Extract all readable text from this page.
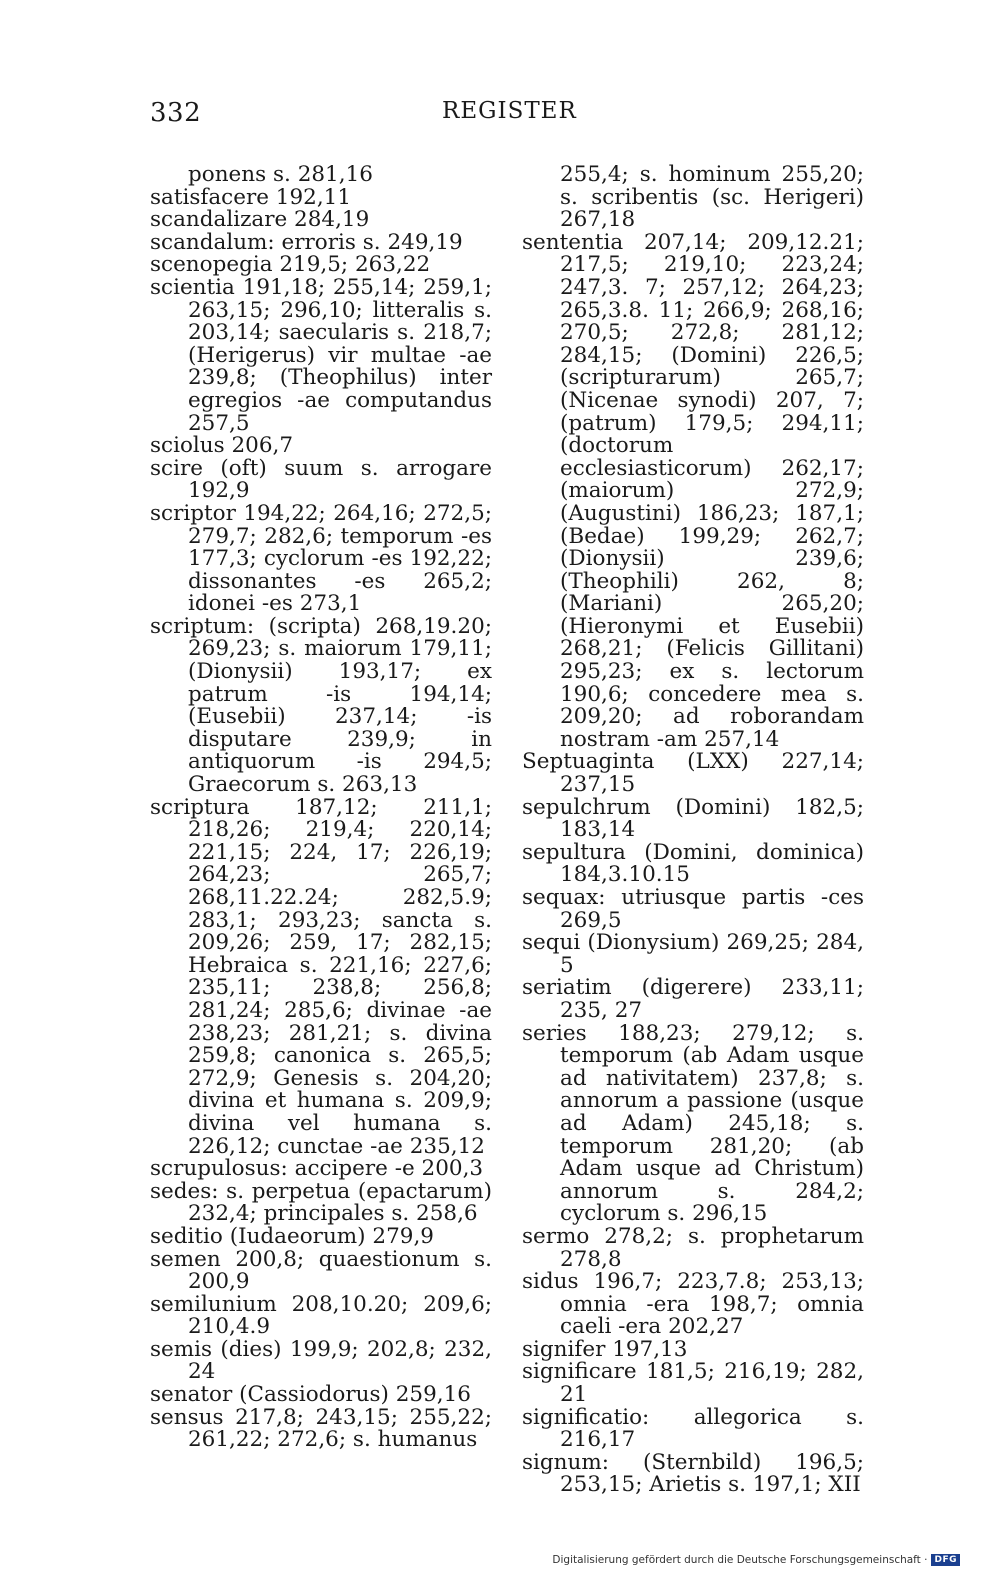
332	REGISTER

ponens s. 281,16

satisfacere 192,11

scandalizare 284,19

scandalum: erroris s. 249,19

scenopegia 219,5; 263,22

scientia 191,18; 255,14; 259,1; 263,15; 296,10; litteralis s. 203,14; saecularis s. 218,7; (Herigerus) vir multae -ae 239,8; (Theophilus) inter egregios -ae computandus 257,5

sciolus 206,7

scire (oft) suum s. arrogare 192,9

scriptor 194,22; 264,16; 272,5; 279,7; 282,6; temporum -es 177,3; cyclorum -es 192,22; dissonantes -es 265,2; idonei -es 273,1

scriptum: (scripta) 268,19.20; 269,23; s. maiorum 179,11; (Dionysii) 193,17; ex patrum -is 194,14; (Eusebii) 237,14; -is disputare 239,9; in antiquorum -is 294,5; Graecorum s. 263,13

scriptura 187,12; 211,1; 218,26; 219,4; 220,14; 221,15; 224, 17; 226,19; 264,23; 265,7; 268,11.22.24; 282,5.9; 283,1; 293,23; sancta s. 209,26; 259, 17; 282,15; Hebraica s. 221,16; 227,6; 235,11; 238,8; 256,8; 281,24; 285,6; divinae -ae 238,23; 281,21; s. divina 259,8; canonica s. 265,5; 272,9; Genesis s. 204,20; divina et humana s. 209,9; divina vel humana s. 226,12; cunctae -ae 235,12

scrupulosus: accipere -e 200,3

sedes: s. perpetua (epactarum) 232,4; principales s. 258,6

seditio (Iudaeorum) 279,9

semen 200,8; quaestionum s. 200,9

semilunium 208,10.20; 209,6; 210,4.9

semis (dies) 199,9; 202,8; 232, 24

senator (Cassiodorus) 259,16

sensus 217,8; 243,15; 255,22; 261,22; 272,6; s. humanus

255,4; s. hominum 255,20; s. scribentis (sc. Herigeri) 267,18

sententia 207,14; 209,12.21; 217,5; 219,10; 223,24; 247,3. 7; 257,12; 264,23; 265,3.8. 11; 266,9; 268,16; 270,5; 272,8; 281,12; 284,15; (Domini) 226,5; (scripturarum) 265,7; (Nicenae synodi) 207, 7; (patrum) 179,5; 294,11; (doctorum ecclesiasticorum) 262,17; (maiorum) 272,9; (Augustini) 186,23; 187,1; (Bedae) 199,29; 262,7; (Dionysii) 239,6; (Theophili) 262, 8; (Mariani) 265,20; (Hieronymi et Eusebii) 268,21; (Felicis Gillitani) 295,23; ex s. lectorum 190,6; concedere mea s. 209,20; ad roborandam nostram -am 257,14

Septuaginta (LXX) 227,14; 237,15

sepulchrum (Domini) 182,5; 183,14

sepultura (Domini, dominica) 184,3.10.15

sequax: utriusque partis -ces 269,5

sequi (Dionysium) 269,25; 284, 5

seriatim (digerere) 233,11; 235, 27

series 188,23; 279,12; s. temporum (ab Adam usque ad nativitatem) 237,8; s. annorum a passione (usque ad Adam) 245,18; s. temporum 281,20; (ab Adam usque ad Christum) annorum s. 284,2; cyclorum s. 296,15

sermo 278,2; s. prophetarum 278,8

sidus 196,7; 223,7.8; 253,13; omnia -era 198,7; omnia caeli -era 202,27

signifer 197,13

significare 181,5; 216,19; 282, 21

significatio: allegorica s. 216,17

signum: (Sternbild) 196,5; 253,15; Arietis s. 197,1; XII

Digitalisierung gefördert durch die Deutsche Forschungsgemeinschaft · DFG
